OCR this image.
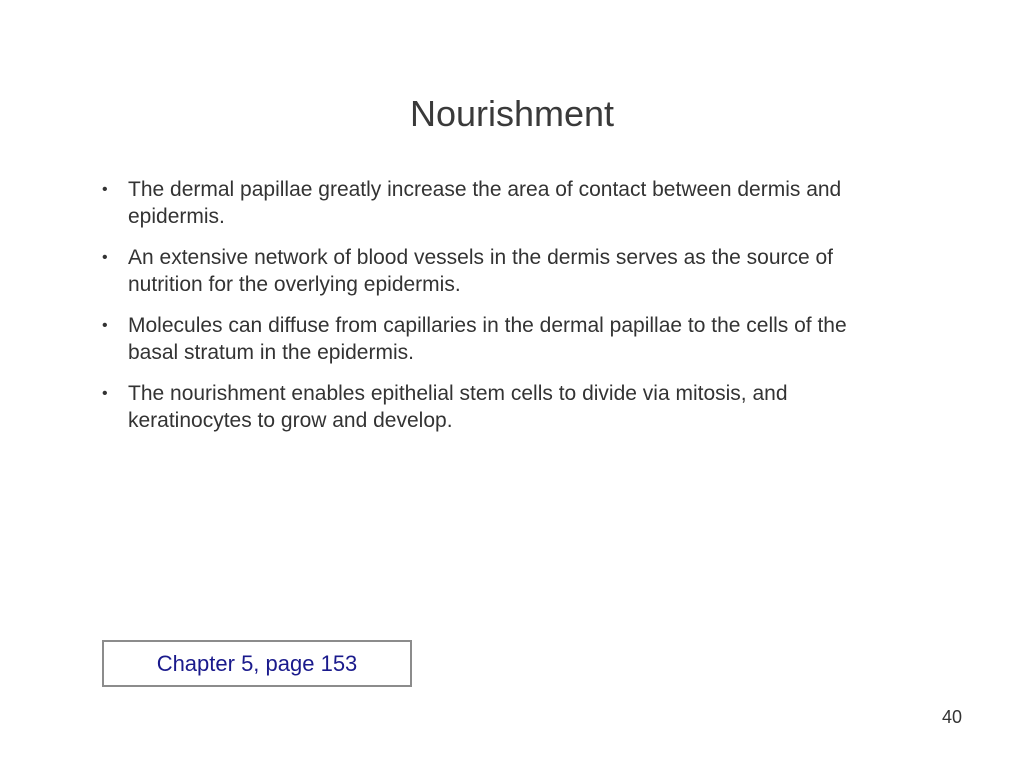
Nourishment
• The dermal papillae greatly increase the area of contact between dermis and epidermis.
• An extensive network of blood vessels in the dermis serves as the source of nutrition for the overlying epidermis.
• Molecules can diffuse from capillaries in the dermal papillae to the cells of the basal stratum in the epidermis.
• The nourishment enables epithelial stem cells to divide via mitosis, and keratinocytes to grow and develop.
Chapter 5, page 153
40
